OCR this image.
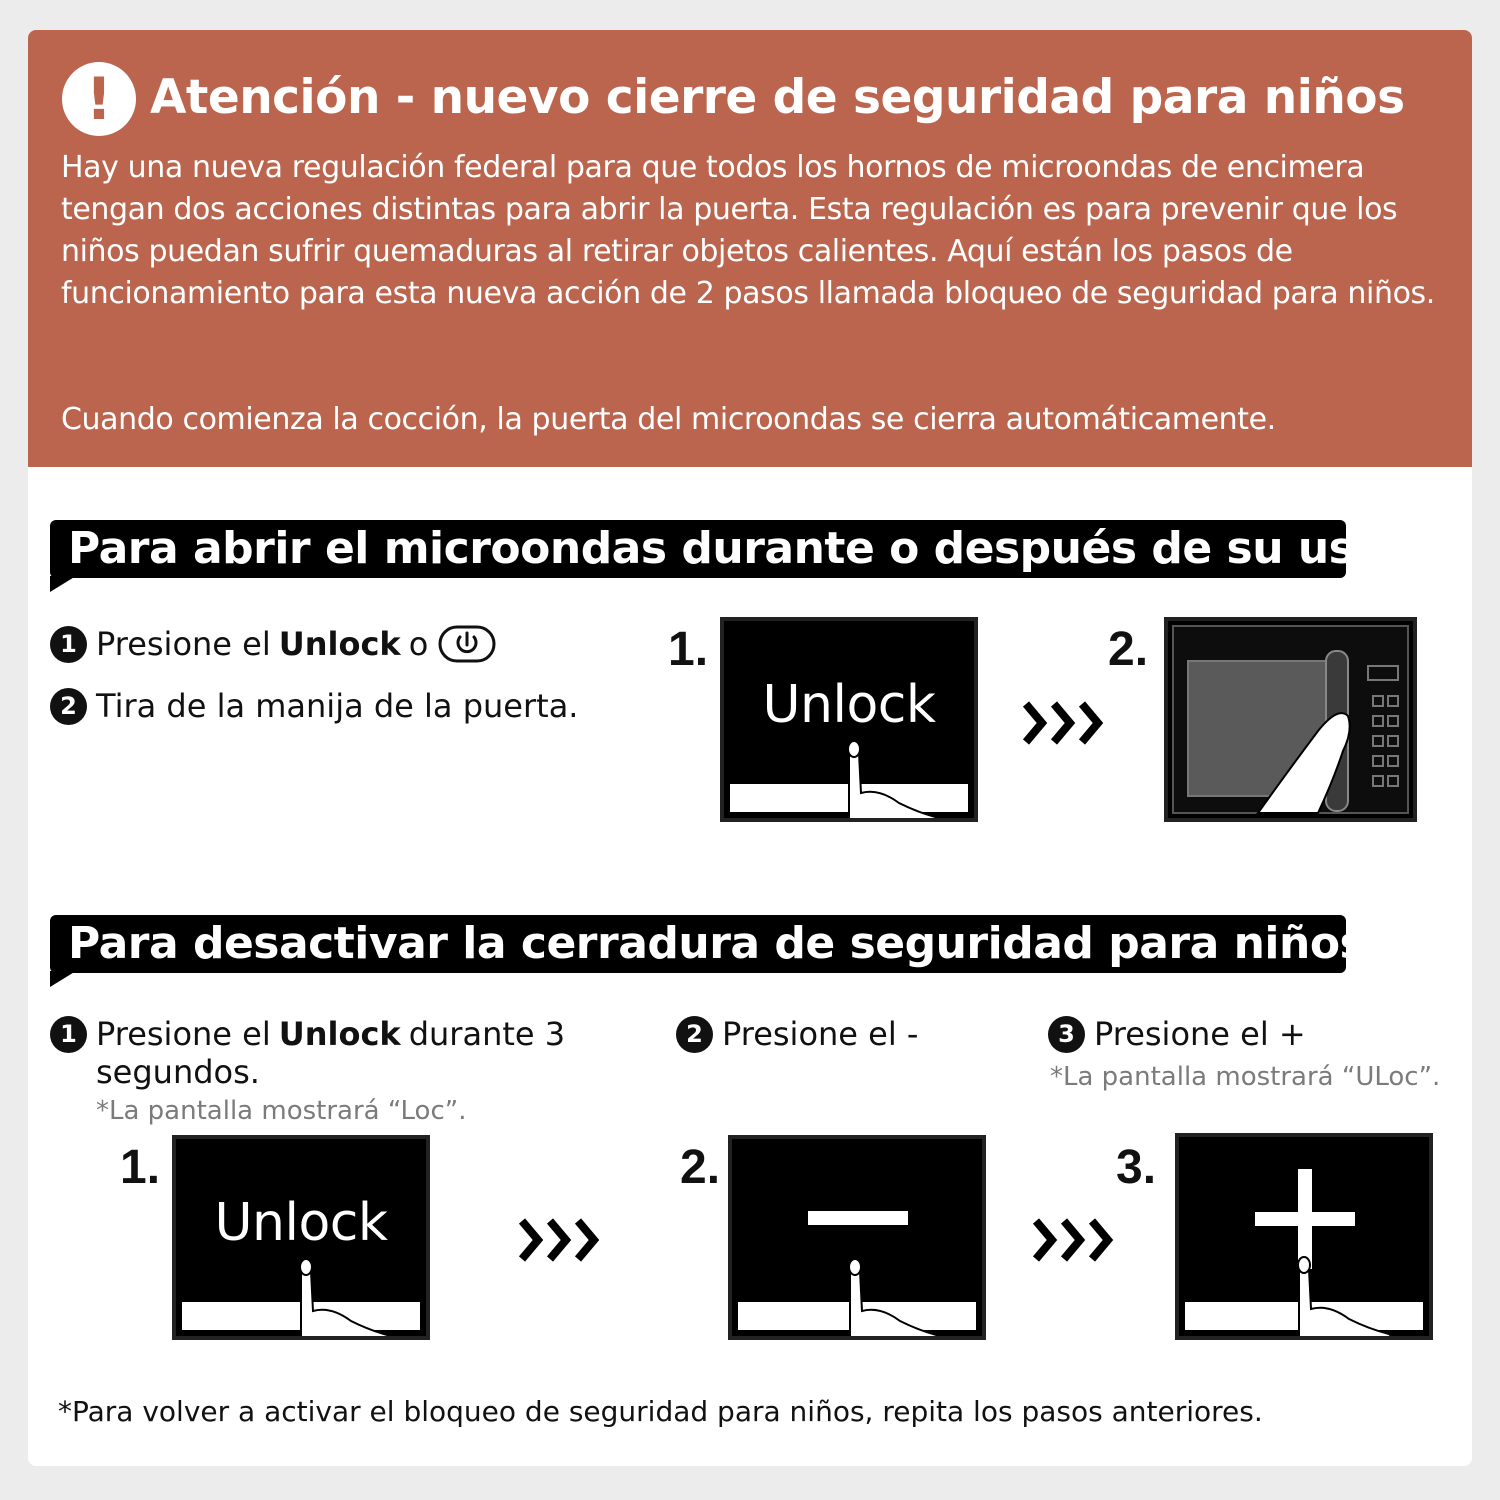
! Atención - nuevo cierre de seguridad para niños

Hay una nueva regulación federal para que todos los hornos de microondas de encimera tengan dos acciones distintas para abrir la puerta. Esta regulación es para prevenir que los niños puedan sufrir quemaduras al retirar objetos calientes. Aquí están los pasos de funcionamiento para esta nueva acción de 2 pasos llamada bloqueo de seguridad para niños.

Cuando comienza la cocción, la puerta del microondas se cierra automáticamente.

Para abrir el microondas durante o después de su uso
1 Presione el Unlock o
2 Tira de la manija de la puerta.
1.
Unlock
2.
Para desactivar la cerradura de seguridad para niños
1 Presione el Unlock durante 3
segundos.
*La pantalla mostrará “Loc”.
2 Presione el -	3 Presione el +
*La pantalla mostrará “ULoc”.
1.
Unlock
2.	3.
*Para volver a activar el bloqueo de seguridad para niños, repita los pasos anteriores.
